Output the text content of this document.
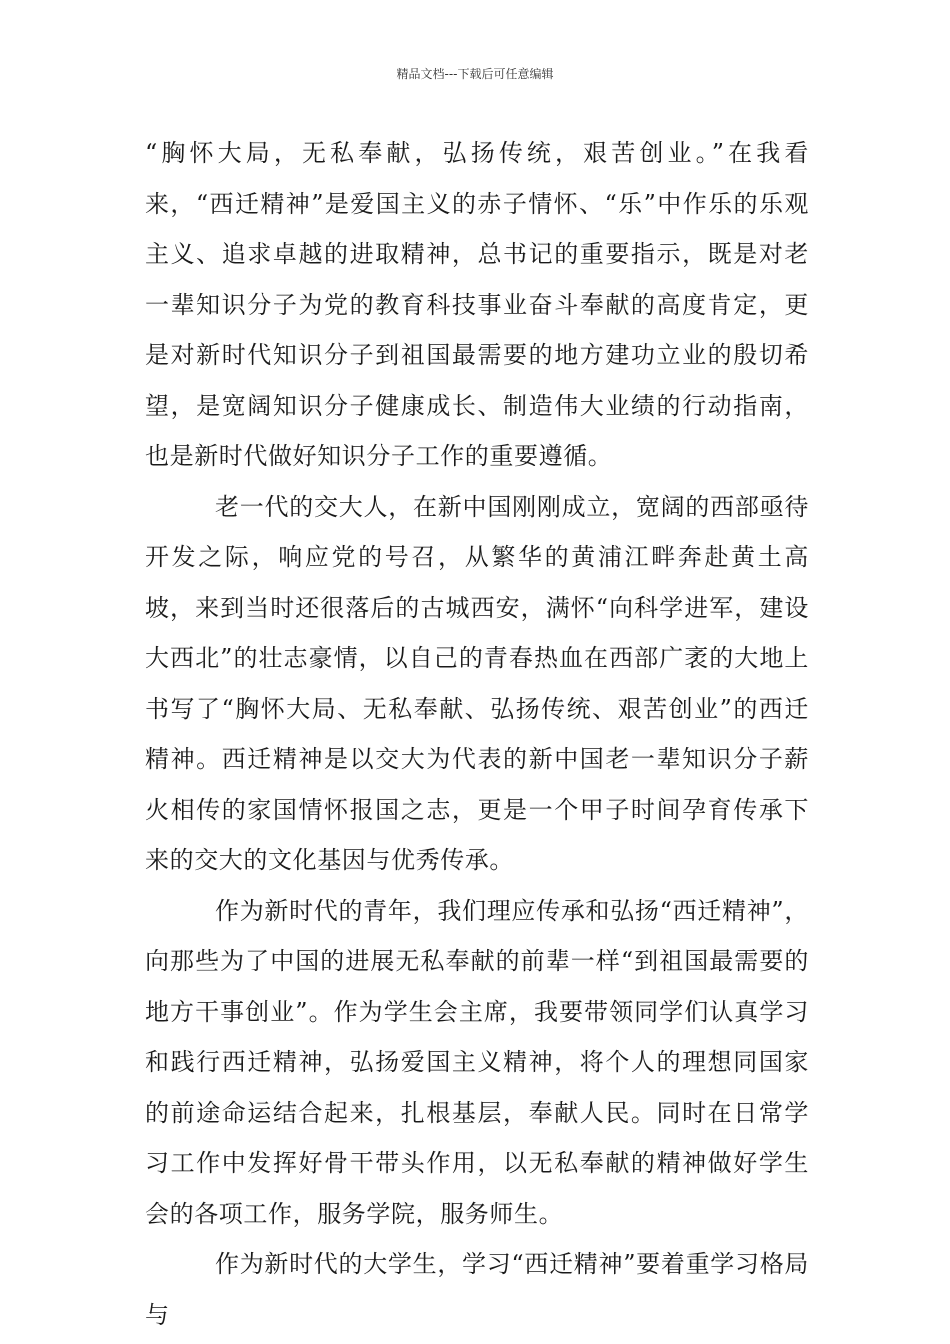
精品文档---下载后可任意编辑

“胸怀大局，无私奉献，弘扬传统，艰苦创业。”在我看来，“西迁精神”是爱国主义的赤子情怀、“乐”中作乐的乐观主义、追求卓越的进取精神，总书记的重要指示，既是对老一辈知识分子为党的教育科技事业奋斗奉献的高度肯定，更是对新时代知识分子到祖国最需要的地方建功立业的殷切希望，是宽阔知识分子健康成长、制造伟大业绩的行动指南，也是新时代做好知识分子工作的重要遵循。

老一代的交大人，在新中国刚刚成立，宽阔的西部亟待开发之际，响应党的号召，从繁华的黄浦江畔奔赴黄土高坡，来到当时还很落后的古城西安，满怀“向科学进军，建设大西北”的壮志豪情，以自己的青春热血在西部广袤的大地上书写了“胸怀大局、无私奉献、弘扬传统、艰苦创业”的西迁精神。西迁精神是以交大为代表的新中国老一辈知识分子薪火相传的家国情怀报国之志，更是一个甲子时间孕育传承下来的交大的文化基因与优秀传承。

作为新时代的青年，我们理应传承和弘扬“西迁精神”，向那些为了中国的进展无私奉献的前辈一样“到祖国最需要的地方干事创业”。作为学生会主席，我要带领同学们认真学习和践行西迁精神，弘扬爱国主义精神，将个人的理想同国家的前途命运结合起来，扎根基层，奉献人民。同时在日常学习工作中发挥好骨干带头作用，以无私奉献的精神做好学生会的各项工作，服务学院，服务师生。

作为新时代的大学生，学习“西迁精神”要着重学习格局与
